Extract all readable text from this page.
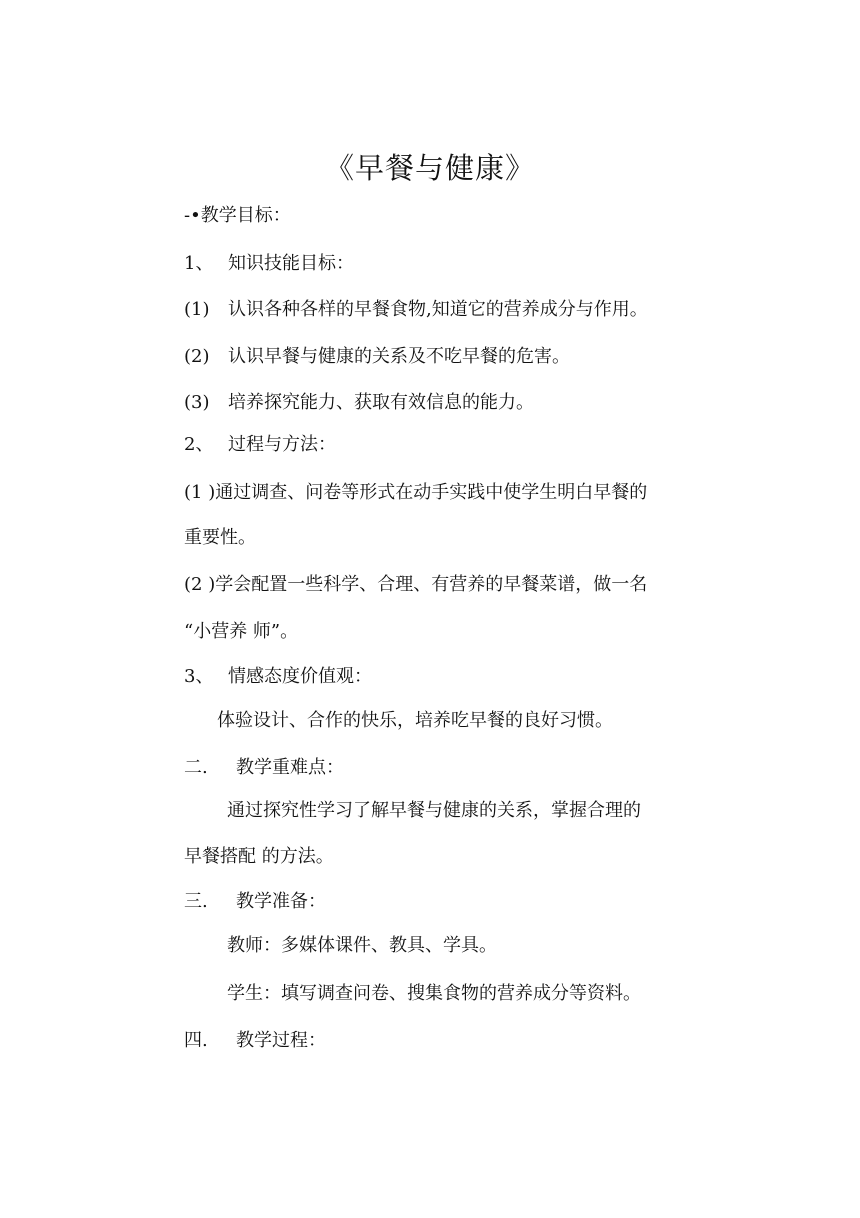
《早餐与健康》
-•教学目标：
1、 知识技能目标：
(1) 认识各种各样的早餐食物,知道它的营养成分与作用。
(2) 认识早餐与健康的关系及不吃早餐的危害。
(3) 培养探究能力、获取有效信息的能力。
2、 过程与方法：
(1 )通过调查、问卷等形式在动手实践中使学生明白早餐的
重要性。
(2 )学会配置一些科学、合理、有营养的早餐菜谱，做一名
“小营养 师”。
3、 情感态度价值观：
体验设计、合作的快乐，培养吃早餐的良好习惯。
二. 教学重难点：
通过探究性学习了解早餐与健康的关系，掌握合理的
早餐搭配 的方法。
三. 教学准备：
教师：多媒体课件、教具、学具。
学生：填写调查问卷、搜集食物的营养成分等资料。
四. 教学过程：
